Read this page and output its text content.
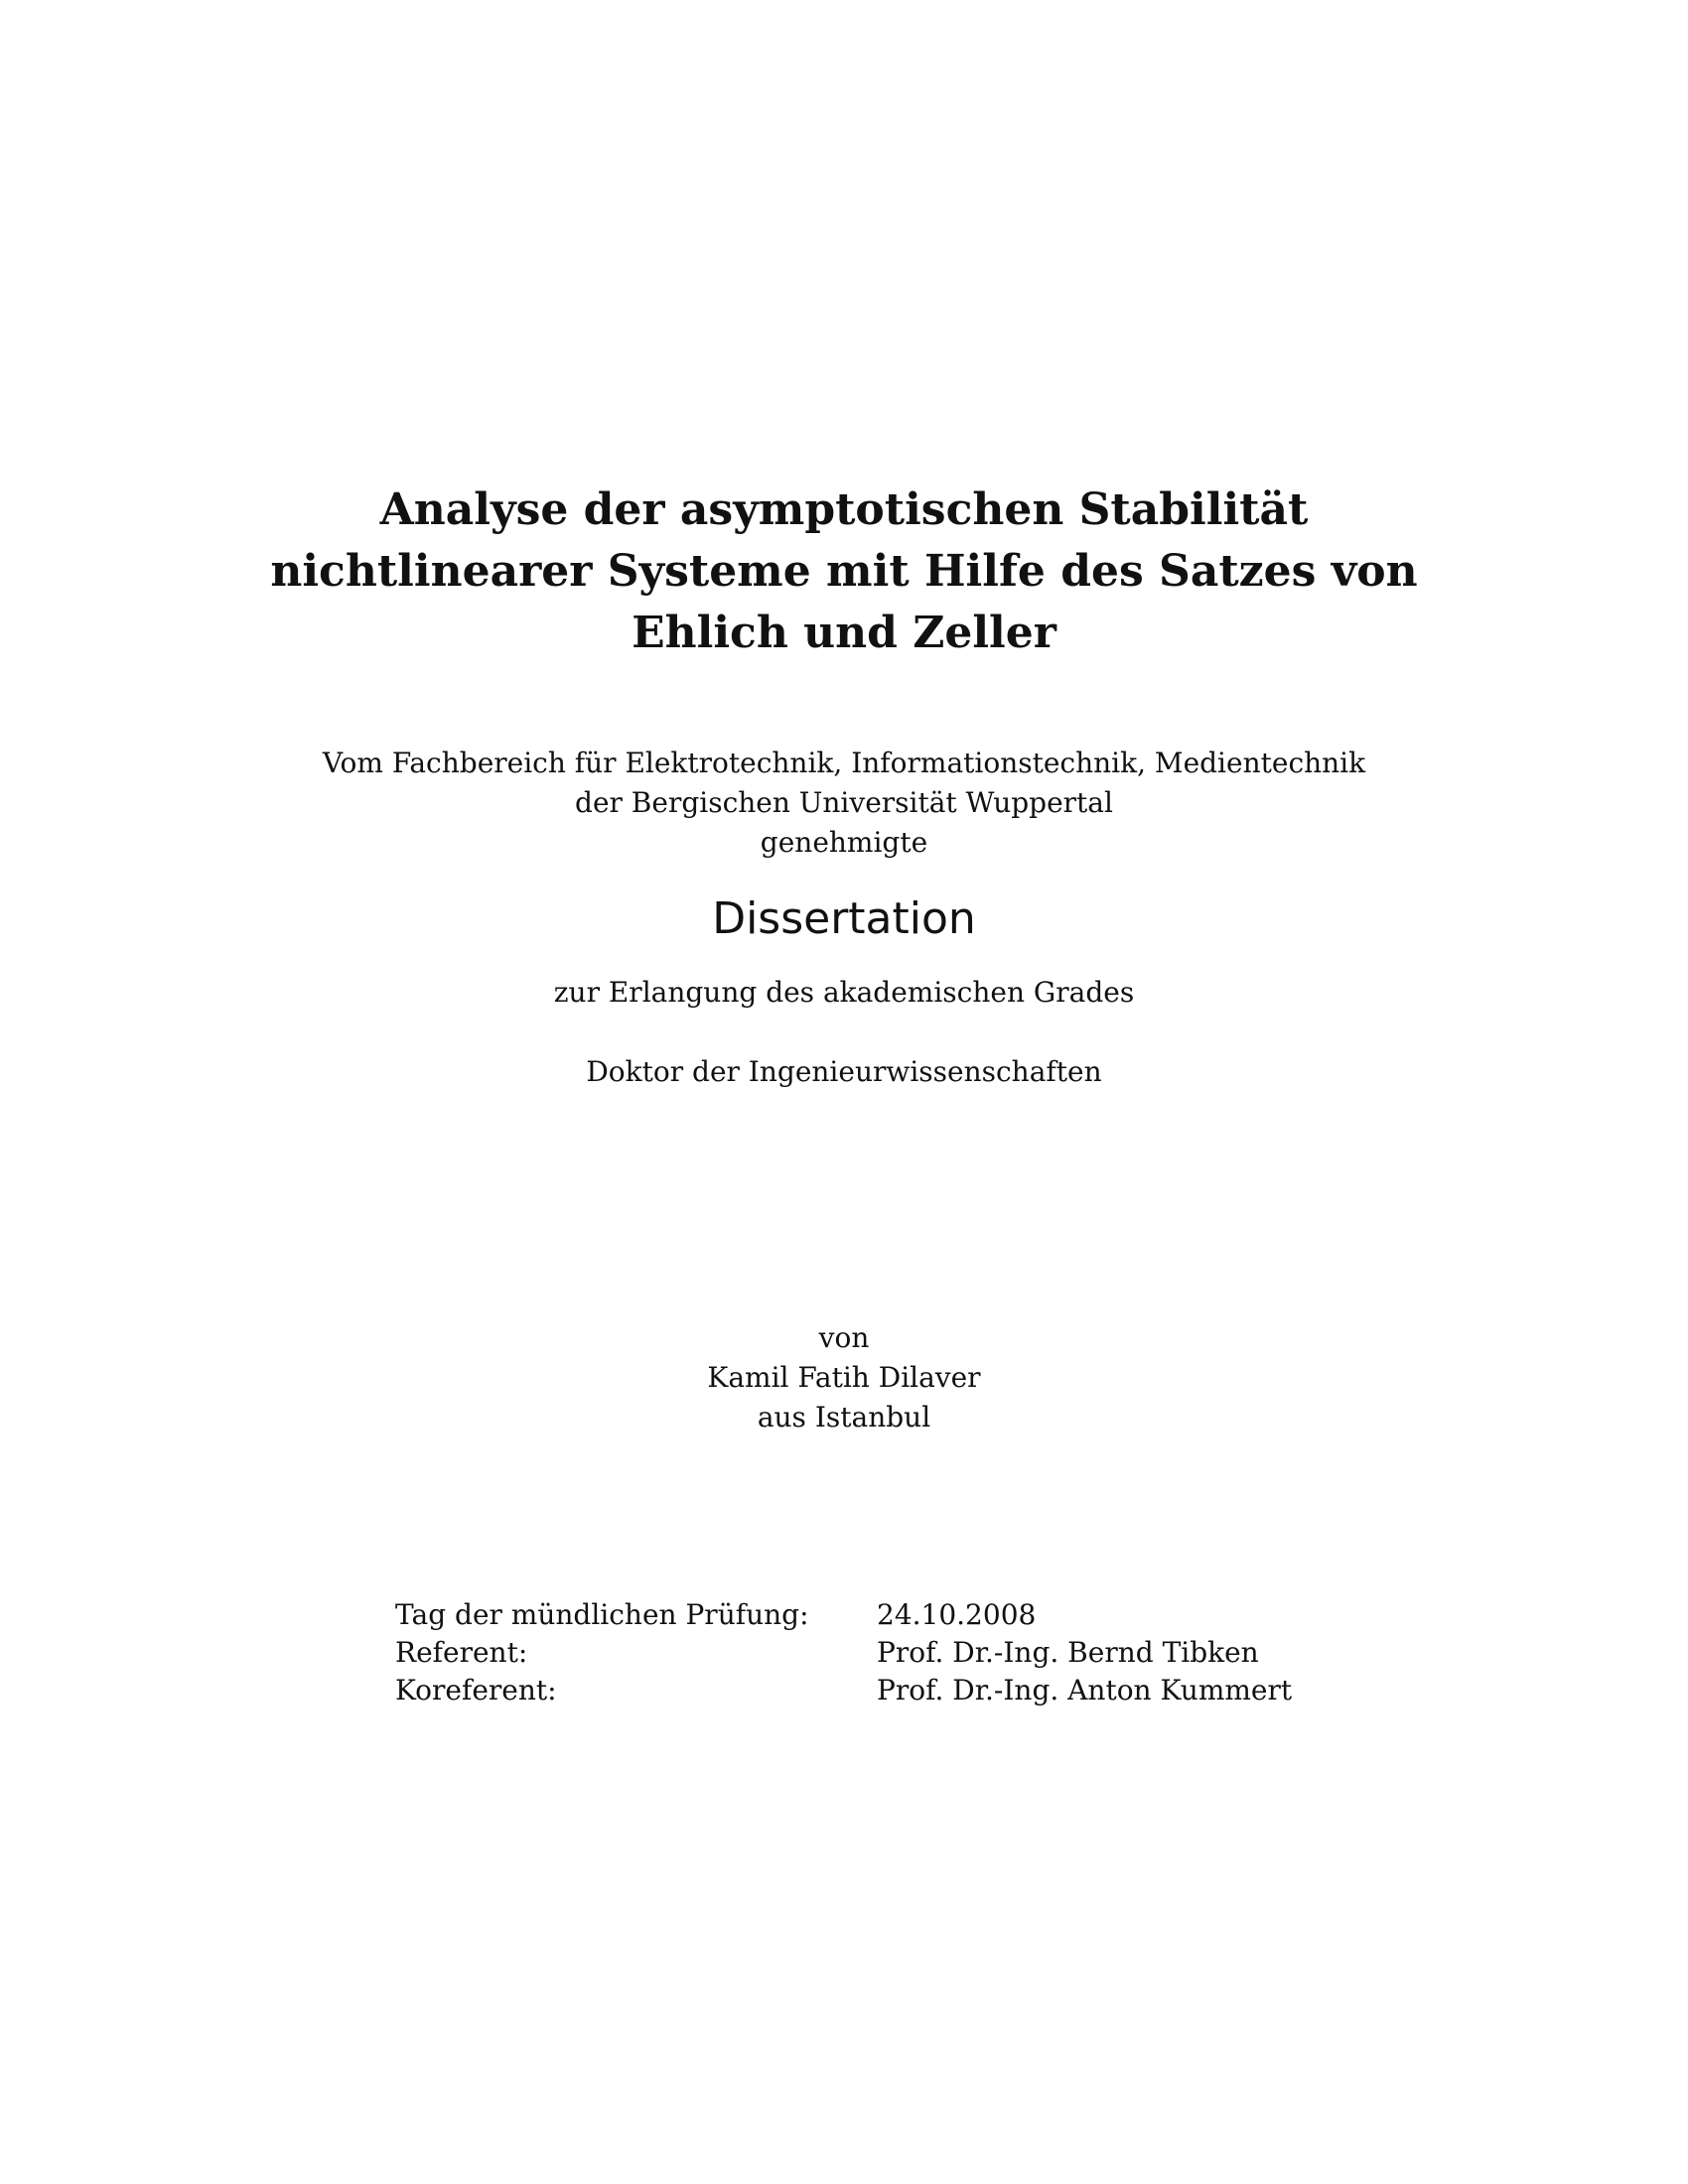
Analyse der asymptotischen Stabilität
nichtlinearer Systeme mit Hilfe des Satzes von
Ehlich und Zeller
Vom Fachbereich für Elektrotechnik, Informationstechnik, Medientechnik
der Bergischen Universität Wuppertal
genehmigte
Dissertation
zur Erlangung des akademischen Grades
Doktor der Ingenieurwissenschaften
von
Kamil Fatih Dilaver
aus Istanbul
Tag der mündlichen Prüfung:	24.10.2008
Referent:	Prof. Dr.-Ing. Bernd Tibken
Koreferent:	Prof. Dr.-Ing. Anton Kummert
